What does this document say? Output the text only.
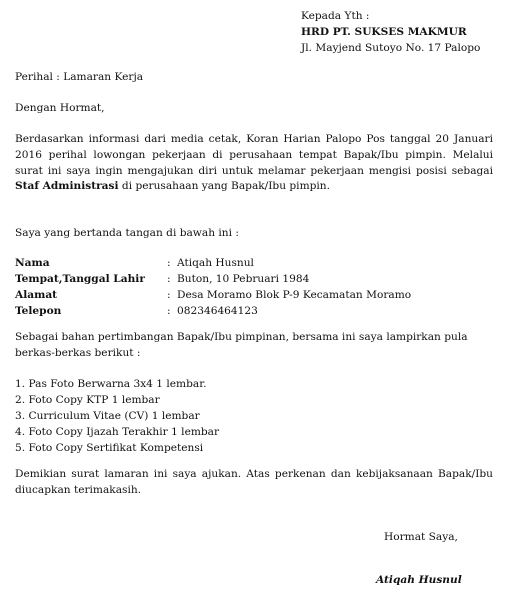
Kepada Yth :
HRD PT. SUKSES MAKMUR
Jl. Mayjend Sutoyo No. 17 Palopo
Perihal : Lamaran Kerja
Dengan Hormat,
Berdasarkan informasi dari media cetak, Koran Harian Palopo Pos tanggal 20 Januari 2016 perihal lowongan pekerjaan di perusahaan tempat Bapak/Ibu pimpin. Melalui surat ini saya ingin mengajukan diri untuk melamar pekerjaan mengisi posisi sebagai Staf Administrasi di perusahaan yang Bapak/Ibu pimpin.
Saya yang bertanda tangan di bawah ini :
Nama	:	Atiqah Husnul
Tempat,Tanggal Lahir	:	Buton, 10 Pebruari 1984
Alamat	:	Desa Moramo Blok P-9 Kecamatan Moramo
Telepon	:	082346464123
Sebagai bahan pertimbangan Bapak/Ibu pimpinan, bersama ini saya lampirkan pula berkas-berkas berikut :
1. Pas Foto Berwarna 3x4 1 lembar.
2. Foto Copy KTP 1 lembar
3. Curriculum Vitae (CV) 1 lembar
4. Foto Copy Ijazah Terakhir 1 lembar
5. Foto Copy Sertifikat Kompetensi
Demikian surat lamaran ini saya ajukan. Atas perkenan dan kebijaksanaan Bapak/Ibu diucapkan terimakasih.
Hormat Saya,
Atiqah Husnul
